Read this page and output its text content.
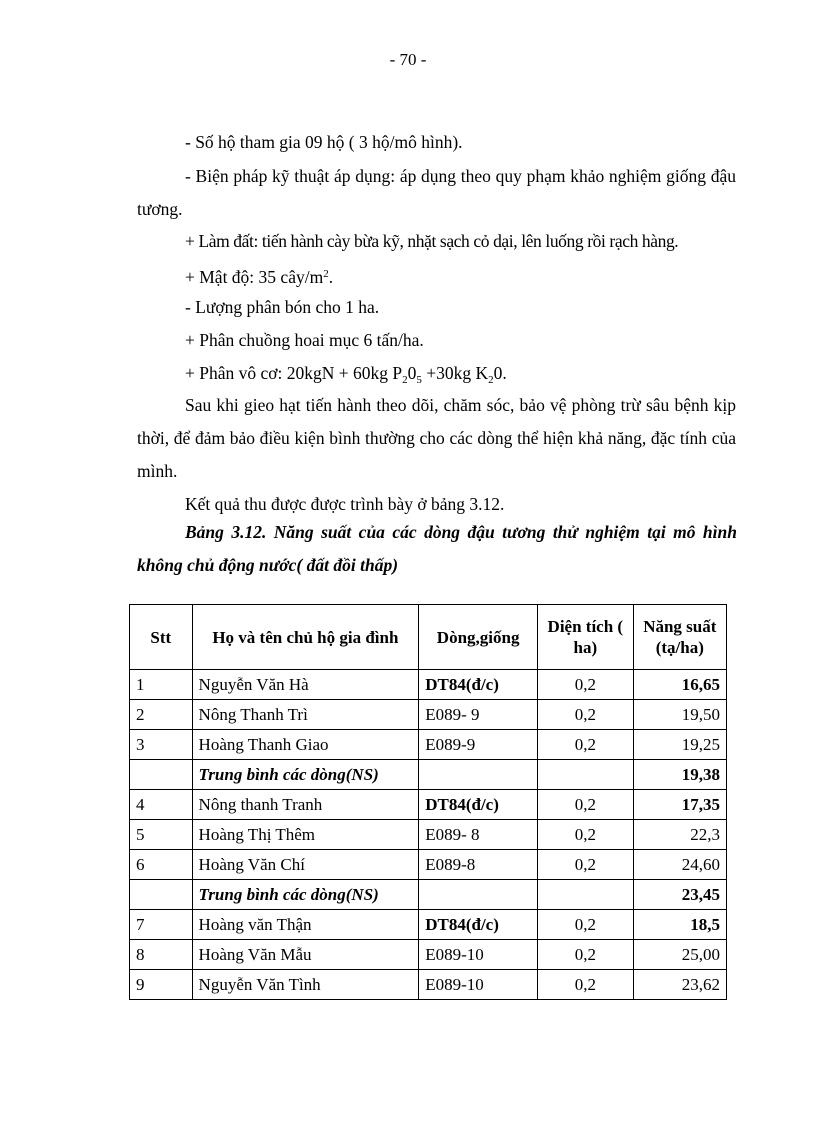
- 70 -
- Số hộ tham gia 09 hộ ( 3 hộ/mô hình).
- Biện pháp kỹ thuật áp dụng: áp dụng theo quy phạm khảo nghiệm giống đậu tương.
+ Làm đất: tiến hành cày bừa kỹ, nhặt sạch cỏ dại, lên luống rồi rạch hàng.
+ Mật độ: 35 cây/$m^2$.
- Lượng phân bón cho 1 ha.
+ Phân chuồng hoai mục 6 tấn/ha.
+ Phân vô cơ: 20kgN + 60kg $P_20_5 +30kg$ $K_20$.
Sau khi gieo hạt tiến hành theo dõi, chăm sóc, bảo vệ phòng trừ sâu bệnh kịp thời, để đảm bảo điều kiện bình thường cho các dòng thể hiện khả năng, đặc tính của mình.
Kết quả thu được được trình bày ở bảng 3.12.
Bảng 3.12. Năng suất của các dòng đậu tương thử nghiệm tại mô hình không chủ động nước( đất đồi thấp)
Stt	Họ và tên chủ hộ gia đình	Dòng,giống	Diện tích ( ha)	Năng suất (tạ/ha)
1	Nguyễn Văn Hà	DT84(đ/c)	0,2	16,65
2	Nông Thanh Trì	E089- 9	0,2	19,50
3	Hoàng Thanh Giao	E089-9	0,2	19,25
	Trung bình các dòng(NS)			19,38
4	Nông thanh Tranh	DT84(đ/c)	0,2	17,35
5	Hoàng Thị Thêm	E089- 8	0,2	22,3
6	Hoàng Văn Chí	E089-8	0,2	24,60
	Trung bình các dòng(NS)			23,45
7	Hoàng văn Thận	DT84(đ/c)	0,2	18,5
8	Hoàng Văn Mẫu	E089-10	0,2	25,00
9	Nguyễn Văn Tình	E089-10	0,2	23,62
